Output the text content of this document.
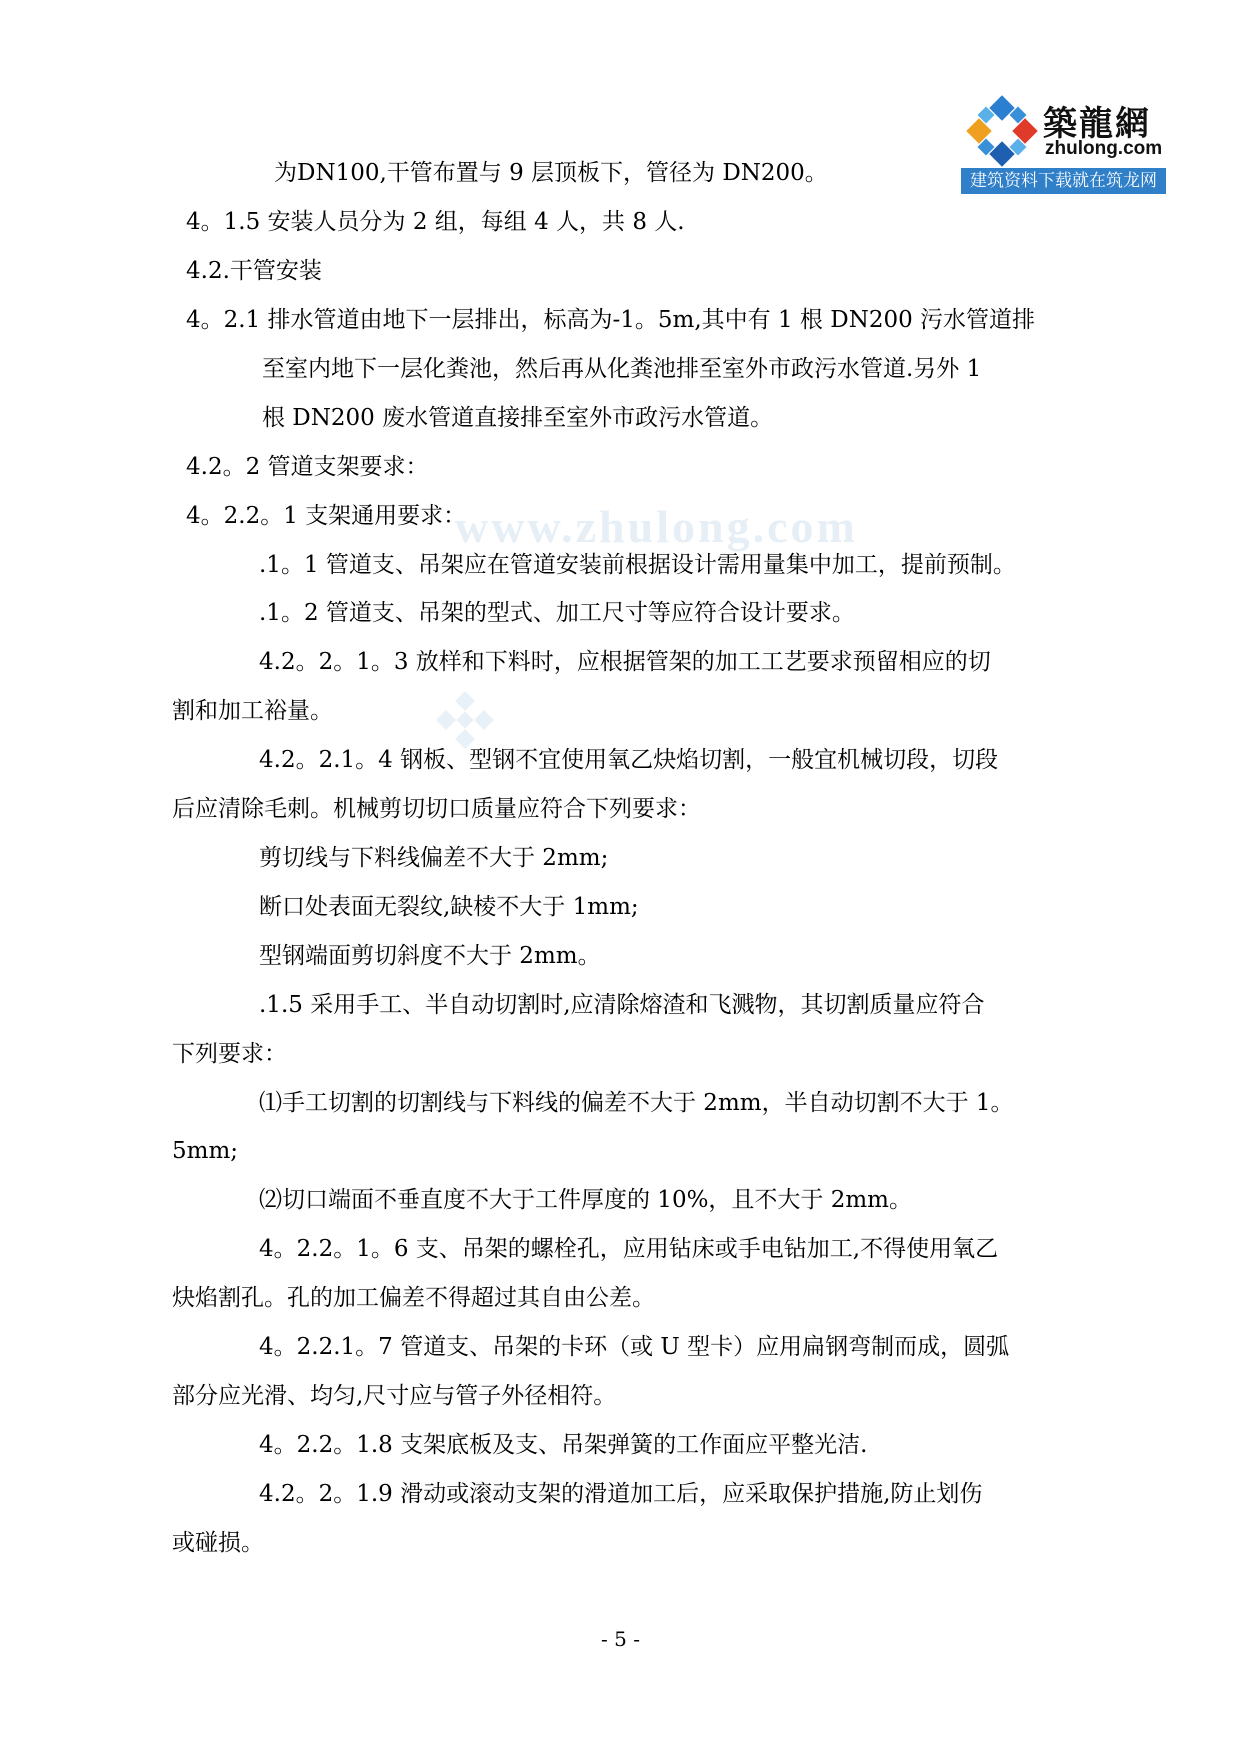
築龍網
zhulong.com
建筑资料下载就在筑龙网
www.zhulong.com
为DN100,干管布置与 9 层顶板下，管径为 DN200。
4。1.5 安装人员分为 2 组，每组 4 人，共 8 人.
4.2.干管安装
4。2.1 排水管道由地下一层排出，标高为-1。5m,其中有 1 根 DN200 污水管道排
至室内地下一层化粪池，然后再从化粪池排至室外市政污水管道.另外 1
根 DN200 废水管道直接排至室外市政污水管道。
4.2。2 管道支架要求：
4。2.2。1 支架通用要求：
.1。1 管道支、吊架应在管道安装前根据设计需用量集中加工，提前预制。
.1。2 管道支、吊架的型式、加工尺寸等应符合设计要求。
4.2。2。1。3 放样和下料时，应根据管架的加工工艺要求预留相应的切
割和加工裕量。
4.2。2.1。4 钢板、型钢不宜使用氧乙炔焰切割，一般宜机械切段，切段
后应清除毛刺。机械剪切切口质量应符合下列要求：
剪切线与下料线偏差不大于 2mm;
断口处表面无裂纹,缺棱不大于 1mm;
型钢端面剪切斜度不大于 2mm。
.1.5 采用手工、半自动切割时,应清除熔渣和飞溅物，其切割质量应符合
下列要求：
⑴手工切割的切割线与下料线的偏差不大于 2mm，半自动切割不大于 1。
5mm;
⑵切口端面不垂直度不大于工件厚度的 10%，且不大于 2mm。
4。2.2。1。6 支、吊架的螺栓孔，应用钻床或手电钻加工,不得使用氧乙
炔焰割孔。孔的加工偏差不得超过其自由公差。
4。2.2.1。7 管道支、吊架的卡环（或 U 型卡）应用扁钢弯制而成，圆弧
部分应光滑、均匀,尺寸应与管子外径相符。
4。2.2。1.8 支架底板及支、吊架弹簧的工作面应平整光洁.
4.2。2。1.9 滑动或滚动支架的滑道加工后，应采取保护措施,防止划伤
或碰损。
- 5 -
